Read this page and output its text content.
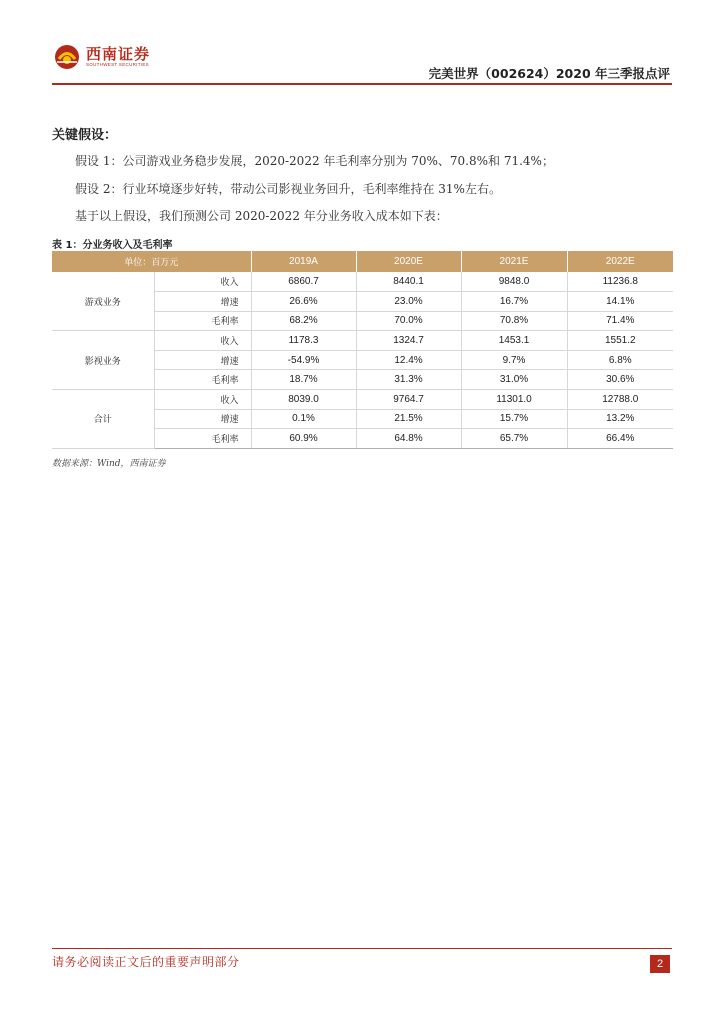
西南证券
SOUTHWEST SECURITIES
完美世界（002624）2020 年三季报点评
关键假设：
假设 1：公司游戏业务稳步发展，2020-2022 年毛利率分别为 70%、70.8%和 71.4%；
假设 2：行业环境逐步好转，带动公司影视业务回升，毛利率维持在 31%左右。
基于以上假设，我们预测公司 2020-2022 年分业务收入成本如下表：
表 1：分业务收入及毛利率
单位：百万元		2019A	2020E	2021E	2022E
游戏业务	收入	6860.7	8440.1	9848.0	11236.8
	增速	26.6%	23.0%	16.7%	14.1%
	毛利率	68.2%	70.0%	70.8%	71.4%
影视业务	收入	1178.3	1324.7	1453.1	1551.2
	增速	-54.9%	12.4%	9.7%	6.8%
	毛利率	18.7%	31.3%	31.0%	30.6%
合计	收入	8039.0	9764.7	11301.0	12788.0
	增速	0.1%	21.5%	15.7%	13.2%
	毛利率	60.9%	64.8%	65.7%	66.4%
数据来源：Wind，西南证券
请务必阅读正文后的重要声明部分	2
